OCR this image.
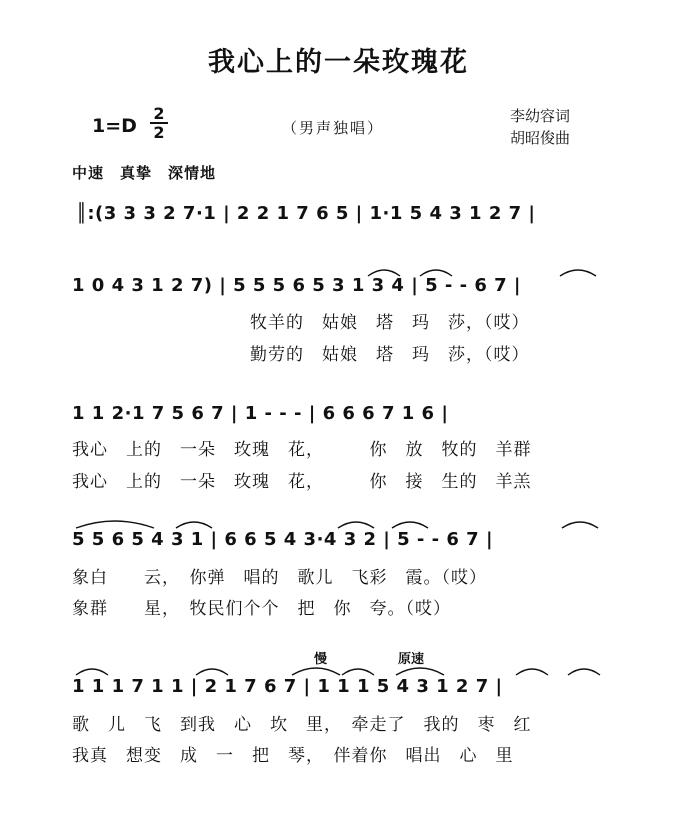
我心上的一朵玫瑰花
1=D
2
2	（男声独唱）
李幼容词
胡昭俊曲
中速　真挚　深情地
慢	原速
║:(3 3 3 2 7·1 | 2 2 1 7 6 5 | 1·1 5 4 3 1 2 7 |
1 0 4 3 1 2 7) | 5 5 5 6 5 3 1 3 4 | 5 - - 6 7 |
牧羊的　姑娘　塔　玛　莎，（哎）
勤劳的　姑娘　塔　玛　莎，（哎）
1 1 2·1 7 5 6 7 | 1 - - - | 6 6 6 7 1 6 |
我心　上的　一朵　玫瑰　花，　　　你　放　牧的　羊群
我心　上的　一朵　玫瑰　花，　　　你　接　生的　羊羔
5 5 6 5 4 3 1 | 6 6 5 4 3·4 3 2 | 5 - - 6 7 |
象白　　云，　你弹　唱的　歌儿　飞彩　霞。（哎）
象群　　星，　牧民们个个　把　你　夸。（哎）
1 1 1 7 1 1 | 2 1 7 6 7 | 1 1 1 5 4 3 1 2 7 |
歌　儿　飞　到我　心　坎　里，　牵走了　我的　枣　红
我真　想变　成　一　把　琴，　伴着你　唱出　心　里
